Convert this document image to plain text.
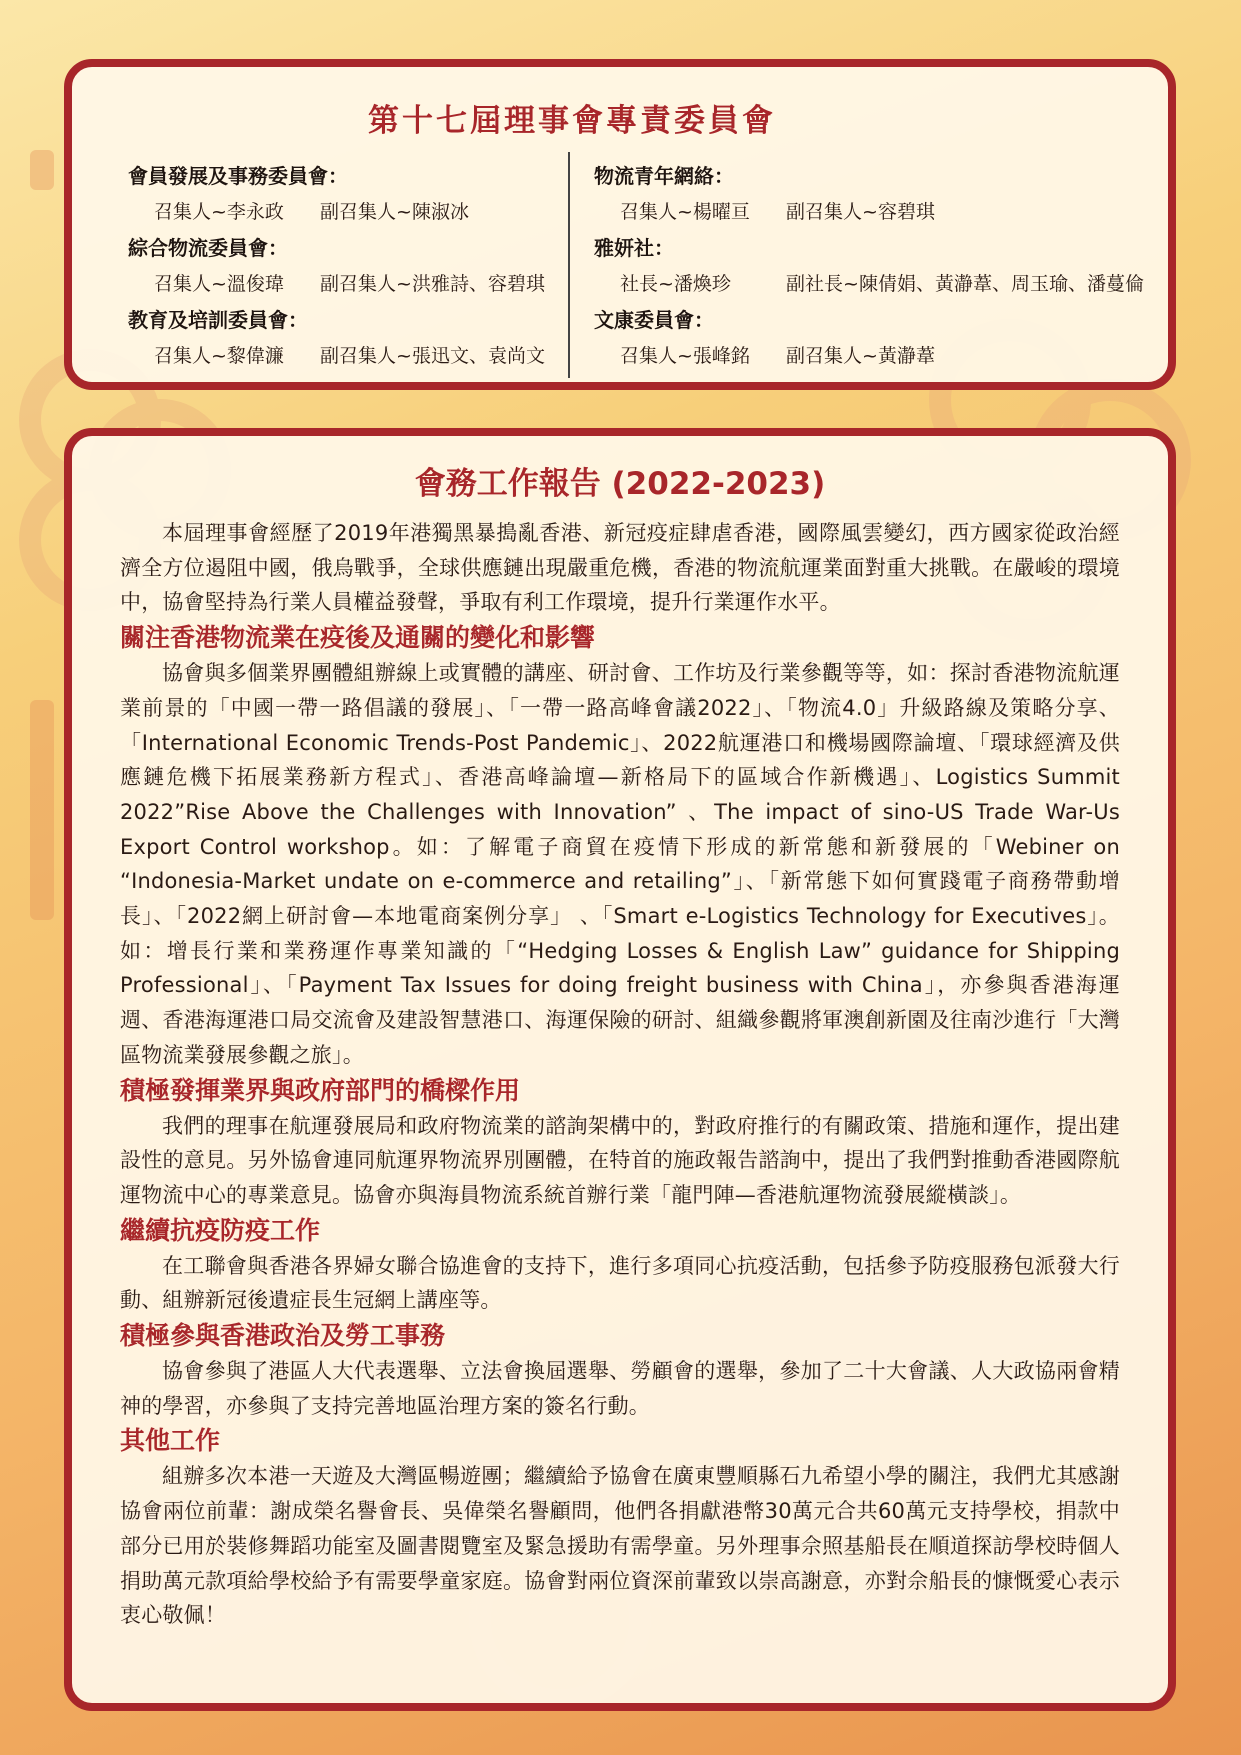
第十七屆理事會專責委員會
會員發展及事務委員會：
召集人~李永政 副召集人~陳淑冰
綜合物流委員會：
召集人~溫俊瑋 副召集人~洪雅詩、容碧琪
教育及培訓委員會：
召集人~黎偉濂 副召集人~張迅文、袁尚文
物流青年網絡：
召集人~楊曜亘 副召集人~容碧琪
雅妍社：
社長~潘煥珍	副社長~陳倩娟、黃瀞葦、周玉瑜、潘蔓倫
文康委員會：
召集人~張峰銘 副召集人~黃瀞葦
會務工作報告 (2022-2023)

本屆理事會經歷了2019年港獨黑暴搗亂香港、新冠疫症肆虐香港，國際風雲變幻，西方國家從政治經濟全方位遏阻中國，俄烏戰爭，全球供應鏈出現嚴重危機，香港的物流航運業面對重大挑戰。在嚴峻的環境中，協會堅持為行業人員權益發聲，爭取有利工作環境，提升行業運作水平。

關注香港物流業在疫後及通關的變化和影響

協會與多個業界團體組辦線上或實體的講座、研討會、工作坊及行業參觀等等，如：探討香港物流航運業前景的「中國一帶一路倡議的發展」、「一帶一路高峰會議2022」、「物流4.0」升級路線及策略分享、「International Economic Trends-Post Pandemic」、2022航運港口和機場國際論壇、「環球經濟及供應鏈危機下拓展業務新方程式」、香港高峰論壇—新格局下的區域合作新機遇」、Logistics Summit 2022”Rise Above the Challenges with Innovation” 、The impact of sino-US Trade War-Us Export Control workshop。如：了解電子商貿在疫情下形成的新常態和新發展的「Webiner on “Indonesia-Market undate on e-commerce and retailing”」、「新常態下如何實踐電子商務帶動增長」、「2022網上研討會—本地電商案例分享」 、「Smart e-Logistics Technology for Executives」。如：增長行業和業務運作專業知識的「“Hedging Losses & English Law” guidance for Shipping Professional」、「Payment Tax Issues for doing freight business with China」，亦參與香港海運週、香港海運港口局交流會及建設智慧港口、海運保險的研討、組織參觀將軍澳創新園及往南沙進行「大灣區物流業發展參觀之旅」。

積極發揮業界與政府部門的橋樑作用

我們的理事在航運發展局和政府物流業的諮詢架構中的，對政府推行的有關政策、措施和運作，提出建設性的意見。另外協會連同航運界物流界別團體，在特首的施政報告諮詢中，提出了我們對推動香港國際航運物流中心的專業意見。協會亦與海員物流系統首辦行業「龍門陣—香港航運物流發展縱橫談」。

繼續抗疫防疫工作

在工聯會與香港各界婦女聯合協進會的支持下，進行多項同心抗疫活動，包括參予防疫服務包派發大行動、組辦新冠後遺症長生冠網上講座等。

積極參與香港政治及勞工事務

協會參與了港區人大代表選舉、立法會換屆選舉、勞顧會的選舉，參加了二十大會議、人大政協兩會精神的學習，亦參與了支持完善地區治理方案的簽名行動。

其他工作

組辦多次本港一天遊及大灣區暢遊團；繼續給予協會在廣東豐順縣石九希望小學的關注，我們尤其感謝協會兩位前輩：謝成榮名譽會長、吳偉榮名譽顧問，他們各捐獻港幣30萬元合共60萬元支持學校，捐款中部分已用於裝修舞蹈功能室及圖書閱覽室及緊急援助有需學童。另外理事佘照基船長在順道探訪學校時個人捐助萬元款項給學校給予有需要學童家庭。協會對兩位資深前輩致以崇高謝意，亦對佘船長的慷慨愛心表示衷心敬佩！
